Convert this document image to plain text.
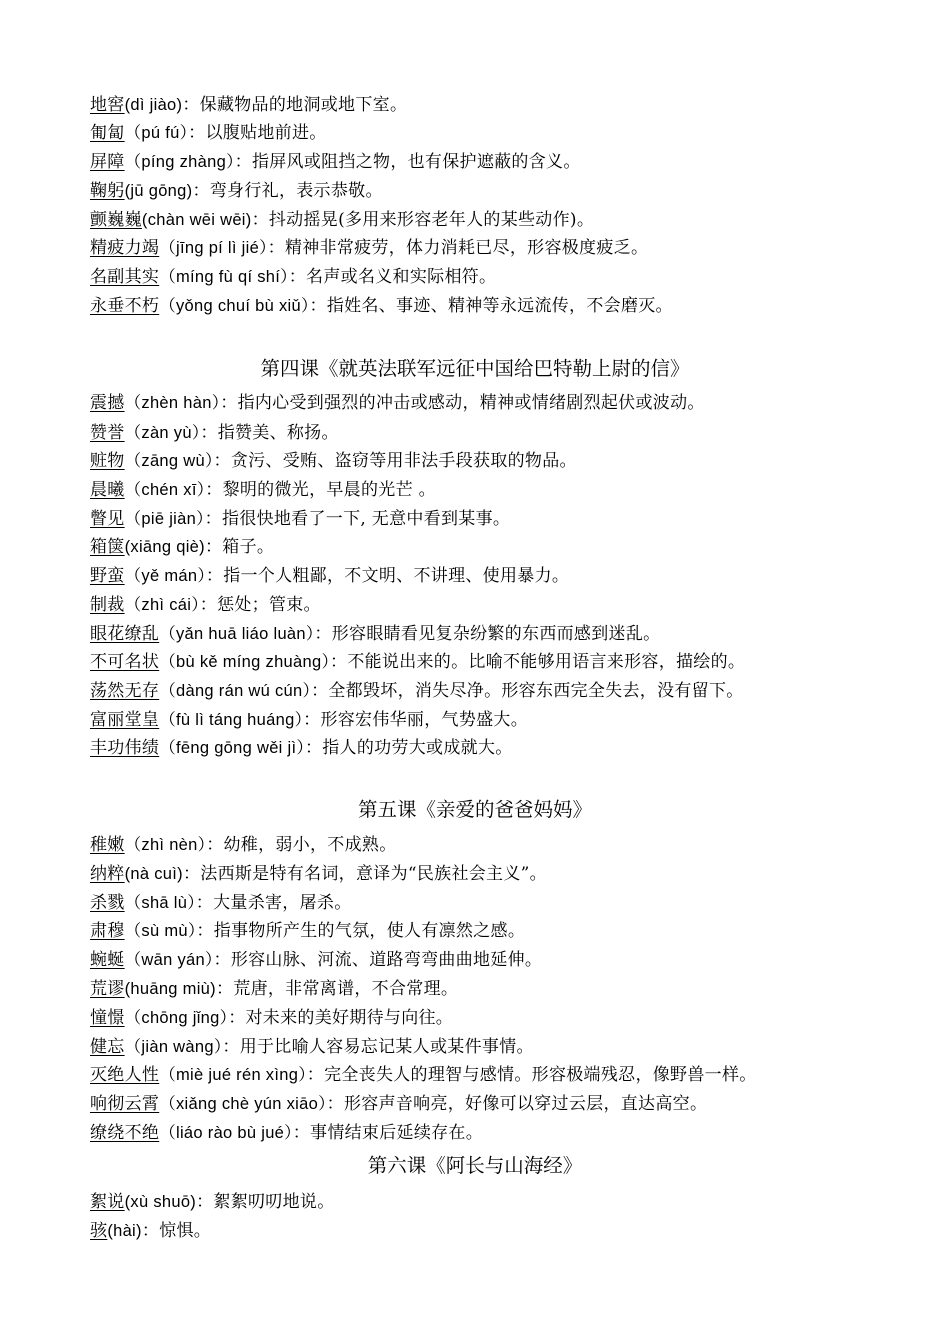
地窖(dì jiào)：保藏物品的地洞或地下室。
匍匐（pú fú）：以腹贴地前进。
屏障（píng zhàng）：指屏风或阻挡之物，也有保护遮蔽的含义。
鞠躬(jū gōng)：弯身行礼，表示恭敬。
颤巍巍(chàn wēi wēi)：抖动摇晃(多用来形容老年人的某些动作)。
精疲力竭（jīng pí lì jié）：精神非常疲劳，体力消耗已尽，形容极度疲乏。
名副其实（míng fù qí shí）：名声或名义和实际相符。
永垂不朽（yǒng chuí bù xiǔ）：指姓名、事迹、精神等永远流传，不会磨灭。
第四课《就英法联军远征中国给巴特勒上尉的信》
震撼（zhèn hàn）：指内心受到强烈的冲击或感动，精神或情绪剧烈起伏或波动。
赞誉（zàn yù）：指赞美、称扬。
赃物（zāng wù）：贪污、受贿、盗窃等用非法手段获取的物品。
晨曦（chén xī）：黎明的微光，早晨的光芒 。
瞥见（piē jiàn）：指很快地看了一下, 无意中看到某事。
箱箧(xiāng qiè)：箱子。
野蛮（yě mán）：指一个人粗鄙，不文明、不讲理、使用暴力。
制裁（zhì cái）：惩处；管束。
眼花缭乱（yǎn huā liáo luàn）：形容眼睛看见复杂纷繁的东西而感到迷乱。
不可名状（bù kě míng zhuàng）：不能说出来的。比喻不能够用语言来形容，描绘的。
荡然无存（dàng rán wú cún）：全都毁坏，消失尽净。形容东西完全失去，没有留下。
富丽堂皇（fù lì táng huáng）：形容宏伟华丽，气势盛大。
丰功伟绩（fēng gōng wěi jì）：指人的功劳大或成就大。
第五课《亲爱的爸爸妈妈》
稚嫩（zhì nèn）：幼稚，弱小，不成熟。
纳粹(nà cuì)：法西斯是特有名词，意译为“民族社会主义”。
杀戮（shā lù）：大量杀害，屠杀。
肃穆（sù mù）：指事物所产生的气氛，使人有凛然之感。
蜿蜒（wān yán）：形容山脉、河流、道路弯弯曲曲地延伸。
荒谬(huāng miù)：荒唐，非常离谱，不合常理。
憧憬（chōng jǐng）：对未来的美好期待与向往。
健忘（jiàn wàng）：用于比喻人容易忘记某人或某件事情。
灭绝人性（miè jué rén xìng）：完全丧失人的理智与感情。形容极端残忍，像野兽一样。
响彻云霄（xiǎng chè yún xiāo）：形容声音响亮，好像可以穿过云层，直达高空。
缭绕不绝（liáo rào bù jué）：事情结束后延续存在。
第六课《阿长与山海经》
絮说(xù shuō)：絮絮叨叨地说。
骇(hài)：惊惧。
